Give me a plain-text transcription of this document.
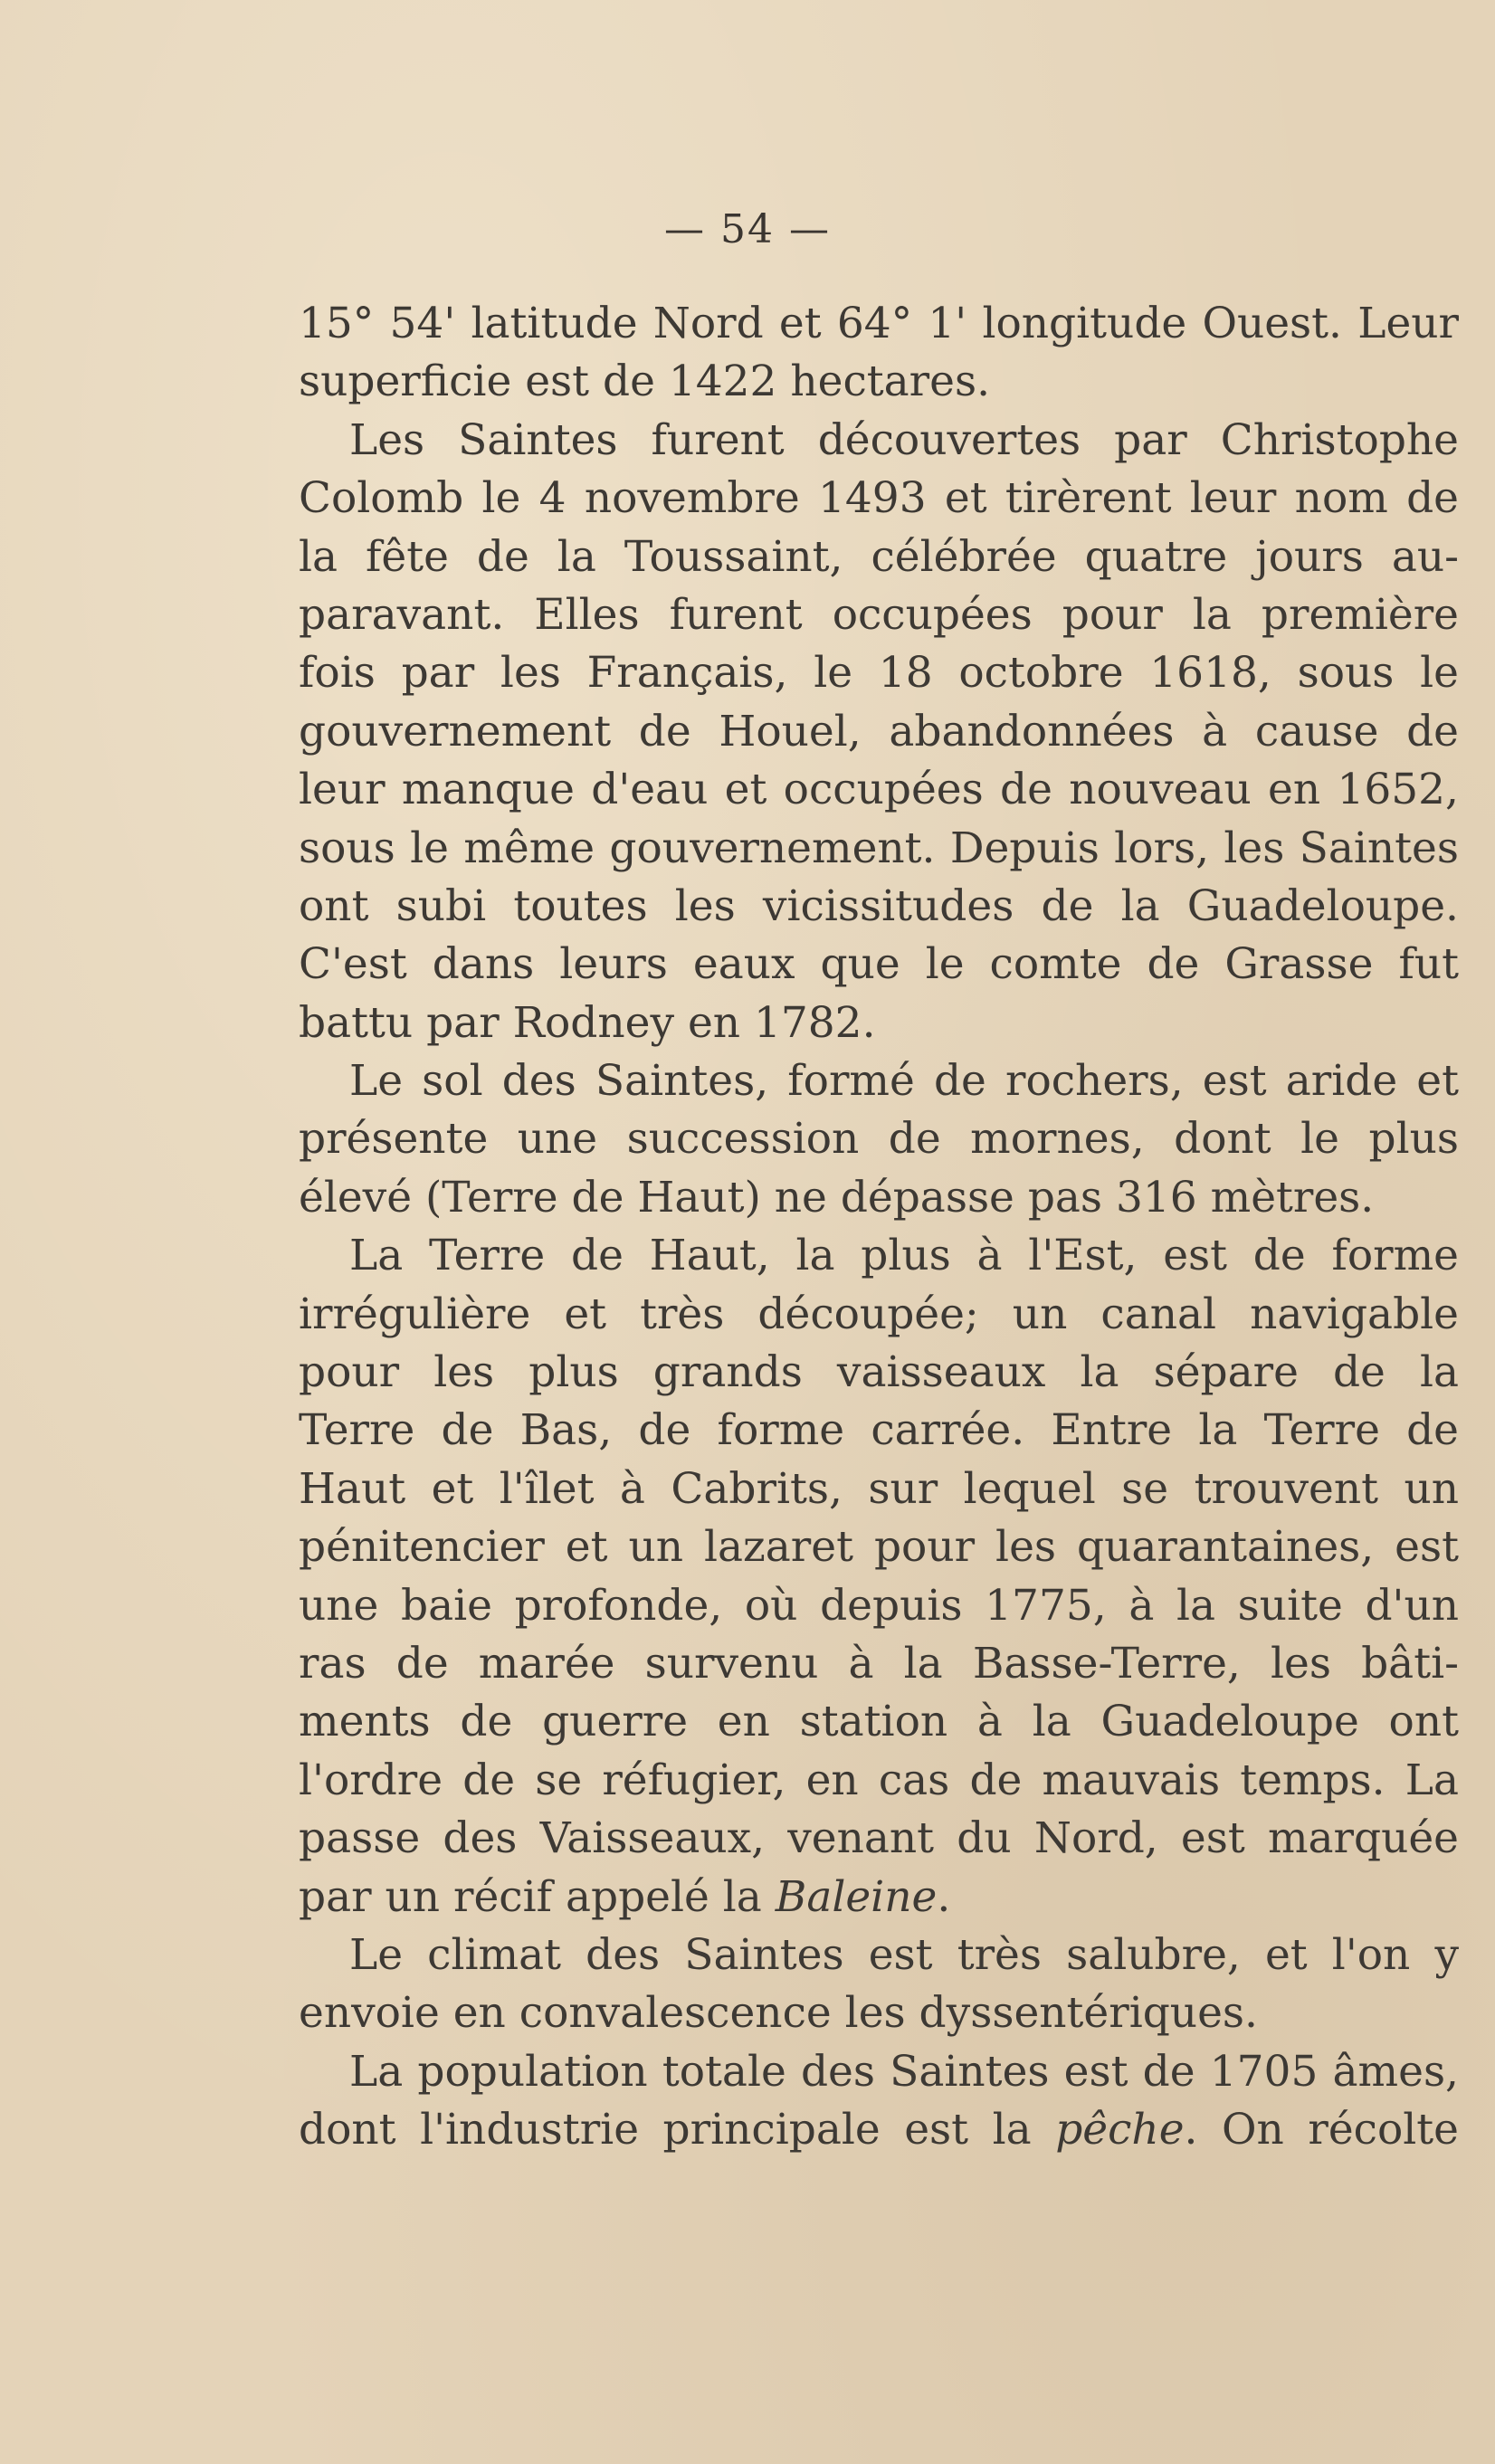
— 54 —

15° 54' latitude Nord et 64° 1' longitude Ouest. Leur
superficie est de 1422 hectares.
Les Saintes furent découvertes par Christophe
Colomb le 4 novembre 1493 et tirèrent leur nom de
la fête de la Toussaint, célébrée quatre jours au-
paravant. Elles furent occupées pour la première
fois par les Français, le 18 octobre 1618, sous le
gouvernement de Houel, abandonnées à cause de
leur manque d'eau et occupées de nouveau en 1652,
sous le même gouvernement. Depuis lors, les Saintes
ont subi toutes les vicissitudes de la Guadeloupe.
C'est dans leurs eaux que le comte de Grasse fut
battu par Rodney en 1782.
Le sol des Saintes, formé de rochers, est aride et
présente une succession de mornes, dont le plus
élevé (Terre de Haut) ne dépasse pas 316 mètres.
La Terre de Haut, la plus à l'Est, est de forme
irrégulière et très découpée; un canal navigable
pour les plus grands vaisseaux la sépare de la
Terre de Bas, de forme carrée. Entre la Terre de
Haut et l'îlet à Cabrits, sur lequel se trouvent un
pénitencier et un lazaret pour les quarantaines, est
une baie profonde, où depuis 1775, à la suite d'un
ras de marée survenu à la Basse-Terre, les bâti-
ments de guerre en station à la Guadeloupe ont
l'ordre de se réfugier, en cas de mauvais temps. La
passe des Vaisseaux, venant du Nord, est marquée
par un récif appelé la Baleine.
Le climat des Saintes est très salubre, et l'on y
envoie en convalescence les dyssentériques.
La population totale des Saintes est de 1705 âmes,
dont l'industrie principale est la pêche. On récolte
